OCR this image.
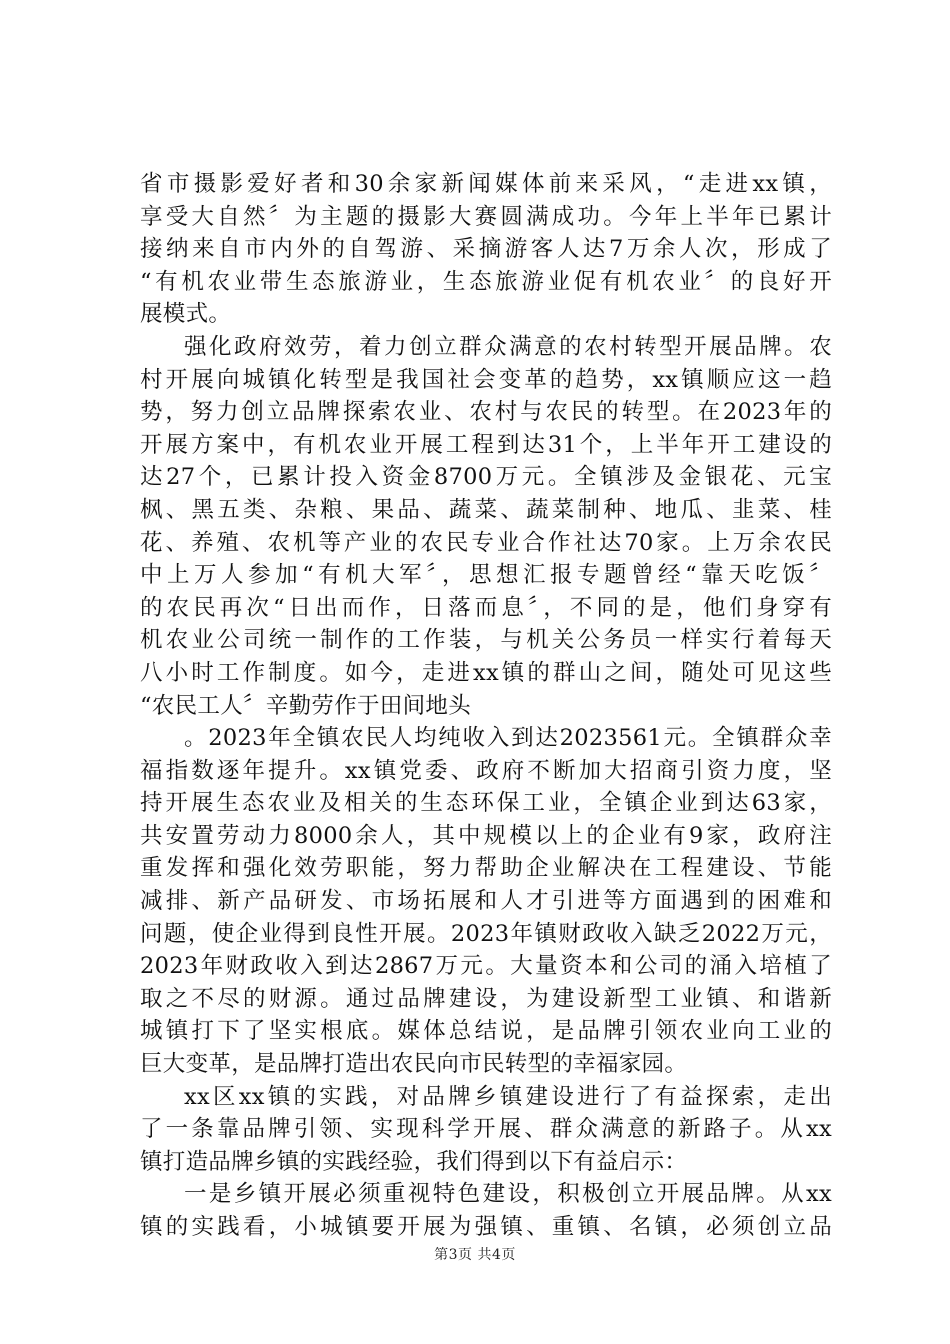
省市摄影爱好者和30余家新闻媒体前来采风，“走进xx镇，
享受大自然〞为主题的摄影大赛圆满成功。今年上半年已累计
接纳来自市内外的自驾游、采摘游客人达7万余人次，形成了
“有机农业带生态旅游业，生态旅游业促有机农业〞的良好开
展模式。
强化政府效劳，着力创立群众满意的农村转型开展品牌。农
村开展向城镇化转型是我国社会变革的趋势，xx镇顺应这一趋
势，努力创立品牌探索农业、农村与农民的转型。在2023年的
开展方案中，有机农业开展工程到达31个，上半年开工建设的
达27个，已累计投入资金8700万元。全镇涉及金银花、元宝
枫、黑五类、杂粮、果品、蔬菜、蔬菜制种、地瓜、韭菜、桂
花、养殖、农机等产业的农民专业合作社达70家。上万余农民
中上万人参加“有机大军〞，思想汇报专题曾经“靠天吃饭〞
的农民再次“日出而作，日落而息〞，不同的是，他们身穿有
机农业公司统一制作的工作装，与机关公务员一样实行着每天
八小时工作制度。如今，走进xx镇的群山之间，随处可见这些
“农民工人〞辛勤劳作于田间地头
。2023年全镇农民人均纯收入到达2023561元。全镇群众幸
福指数逐年提升。xx镇党委、政府不断加大招商引资力度，坚
持开展生态农业及相关的生态环保工业，全镇企业到达63家，
共安置劳动力8000余人，其中规模以上的企业有9家，政府注
重发挥和强化效劳职能，努力帮助企业解决在工程建设、节能
减排、新产品研发、市场拓展和人才引进等方面遇到的困难和
问题，使企业得到良性开展。2023年镇财政收入缺乏2022万元，
2023年财政收入到达2867万元。大量资本和公司的涌入培植了
取之不尽的财源。通过品牌建设，为建设新型工业镇、和谐新
城镇打下了坚实根底。媒体总结说，是品牌引领农业向工业的
巨大变革，是品牌打造出农民向市民转型的幸福家园。
xx区xx镇的实践，对品牌乡镇建设进行了有益探索，走出
了一条靠品牌引领、实现科学开展、群众满意的新路子。从xx
镇打造品牌乡镇的实践经验，我们得到以下有益启示：
一是乡镇开展必须重视特色建设，积极创立开展品牌。从xx
镇的实践看，小城镇要开展为强镇、重镇、名镇，必须创立品
第3页 共4页
